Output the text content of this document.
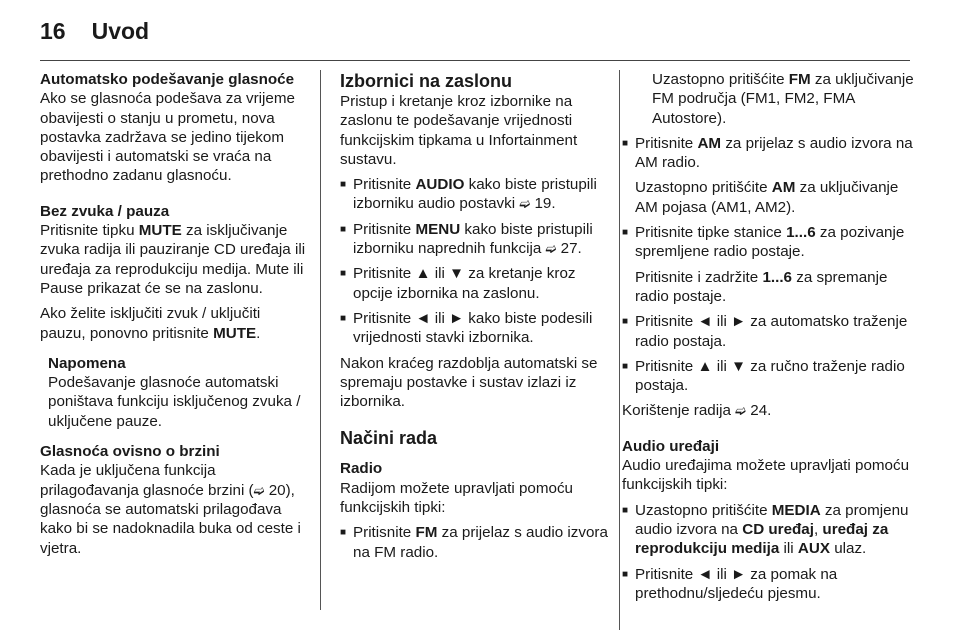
16 Uvod

Automatsko podešavanje glasnoće

Ako se glasnoća podešava za vrijeme obavijesti o stanju u prometu, nova postavka zadržava se jedino tijekom obavijesti i automatski se vraća na prethodno zadanu glasnoću.

Bez zvuka / pauza

Pritisnite tipku MUTE za isključivanje zvuka radija ili pauziranje CD uređaja ili uređaja za reprodukciju medija. Mute ili Pause prikazat će se na zaslonu.

Ako želite isključiti zvuk / uključiti pauzu, ponovno pritisnite MUTE.

Napomena

Podešavanje glasnoće automatski poništava funkciju isključenog zvuka / uključene pauze.

Glasnoća ovisno o brzini

Kada je uključena funkcija prilagođavanja glasnoće brzini (➫ 20), glasnoća se automatski prilagođava kako bi se nadoknadila buka od ceste i vjetra.

Izbornici na zaslonu

Pristup i kretanje kroz izbornike na zaslonu te podešavanje vrijednosti funkcijskim tipkama u Infortainment sustavu.

■ Pritisnite AUDIO kako biste pristupili izborniku audio postavki ➫ 19.
■ Pritisnite MENU kako biste pristupili izborniku naprednih funkcija ➫ 27.
■ Pritisnite ▲ ili ▼ za kretanje kroz opcije izbornika na zaslonu.
■ Pritisnite ◄ ili ► kako biste podesili vrijednosti stavki izbornika.

Nakon kraćeg razdoblja automatski se spremaju postavke i sustav izlazi iz izbornika.

Načini rada

Radio

Radijom možete upravljati pomoću funkcijskih tipki:

■ Pritisnite FM za prijelaz s audio izvora na FM radio.

Uzastopno pritišćite FM za uključivanje FM područja (FM1, FM2, FMA Autostore).

■ Pritisnite AM za prijelaz s audio izvora na AM radio.

Uzastopno pritišćite AM za uključivanje AM pojasa (AM1, AM2).

■ Pritisnite tipke stanice 1...6 za pozivanje spremljene radio postaje.

Pritisnite i zadržite 1...6 za spremanje radio postaje.

■ Pritisnite ◄ ili ► za automatsko traženje radio postaja.
■ Pritisnite ▲ ili ▼ za ručno traženje radio postaja.

Korištenje radija ➫ 24.

Audio uređaji

Audio uređajima možete upravljati pomoću funkcijskih tipki:

■ Uzastopno pritišćite MEDIA za promjenu audio izvora na CD uređaj, uređaj za reprodukciju medija ili AUX ulaz.
■ Pritisnite ◄ ili ► za pomak na prethodnu/sljedeću pjesmu.
